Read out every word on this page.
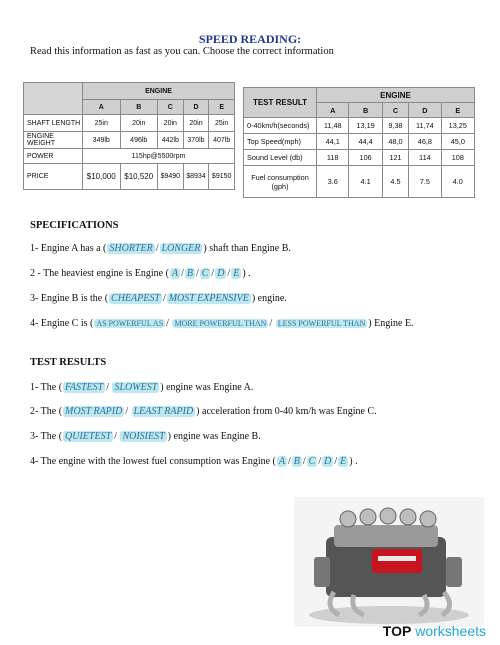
SPEED READING:
Read this information as fast as you can. Choose the correct information
	ENGINE				
	A	B	C	D	E
SHAFT LENGTH	25in	20in	20in	20in	25in
ENGINE WEIGHT	349lb	496lb	442lb	370lb	407lb
POWER	115hp@5500rpm				
PRICE	$10,000	$10,520	$9490	$8934	$9150
TEST RESULT	ENGINE				
	A	B	C	D	E
0-40km/h(seconds)	11,48	13,19	9,38	11,74	13,25
Top Speed(mph)	44,1	44,4	48,0	46,8	45,0
Sound Level (db)	118	106	121	114	108

Fuel consumption
(gph)	3.6	4.1	4.5	7.5	4.0
SPECIFICATIONS
1- Engine A has a ( SHORTER / LONGER ) shaft than Engine B.
2 - The heaviest engine is Engine ( A / B / C / D / E ) .
3- Engine B is the ( CHEAPEST / MOST EXPENSIVE ) engine.
4- Engine C is ( AS POWERFUL AS / MORE POWERFUL THAN / LESS POWERFUL THAN ) Engine E.
TEST RESULTS
1- The ( FASTEST / SLOWEST ) engine was Engine A.
2- The ( MOST RAPID / LEAST RAPID ) acceleration from 0-40 km/h was Engine C.
3- The ( QUIETEST / NOISIEST ) engine was Engine B.
4- The engine with the lowest fuel consumption was Engine ( A / B / C / D / E ) .
TOP worksheets
